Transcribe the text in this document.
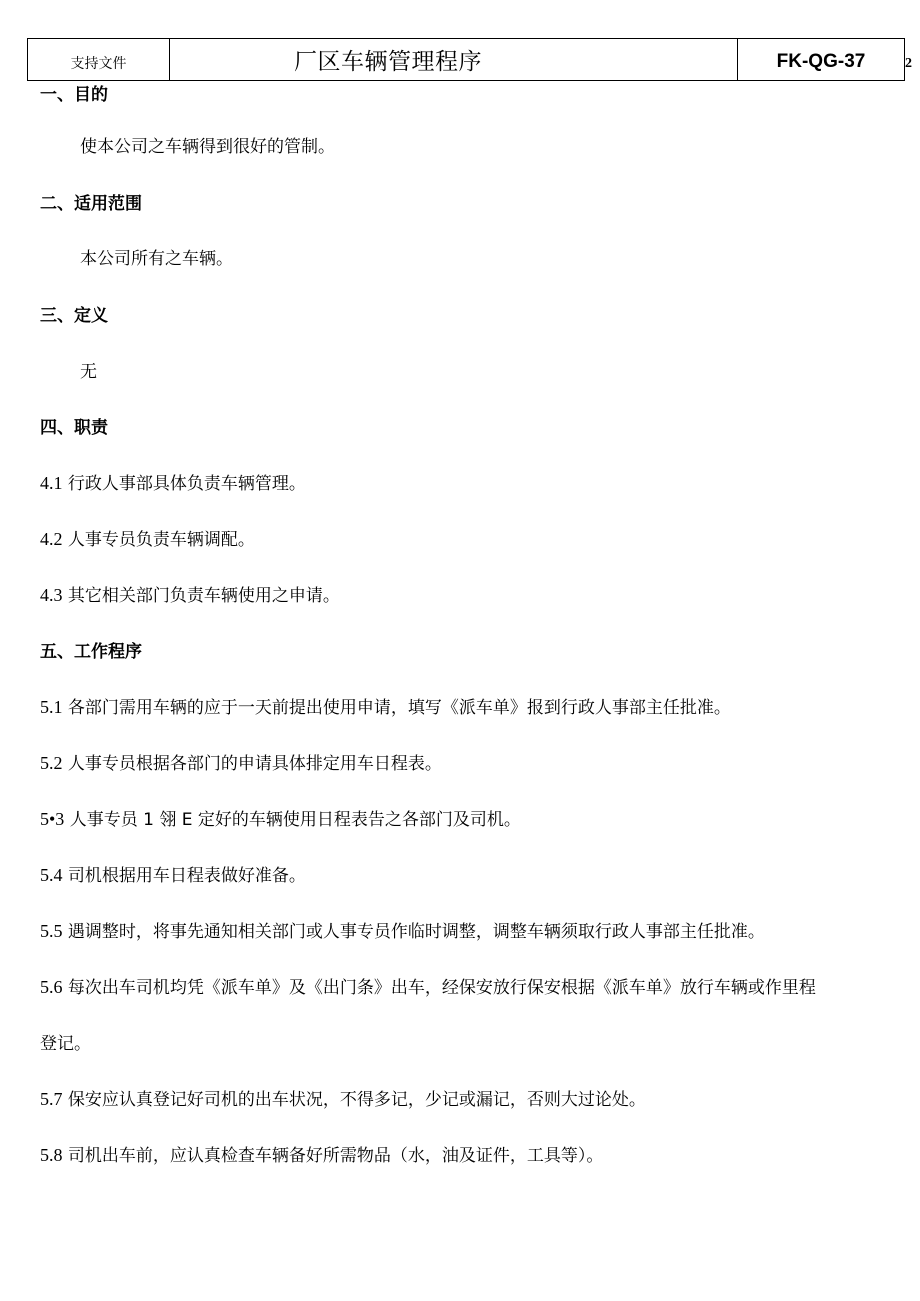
支持文件	厂区车辆管理程序	FK-QG-37	2
一、目的
使本公司之车辆得到很好的管制。
二、适用范围
本公司所有之车辆。
三、定义
无
四、职责
4.1 行政人事部具体负责车辆管理。
4.2 人事专员负责车辆调配。
4.3 其它相关部门负责车辆使用之申请。
五、工作程序
5.1 各部门需用车辆的应于一天前提出使用申请，填写《派车单》报到行政人事部主任批准。
5.2 人事专员根据各部门的申请具体排定用车日程表。
5•3 人事专员 1 翎 E 定好的车辆使用日程表告之各部门及司机。
5.4 司机根据用车日程表做好准备。
5.5 遇调整时，将事先通知相关部门或人事专员作临时调整，调整车辆须取行政人事部主任批准。
5.6 每次出车司机均凭《派车单》及《出门条》出车，经保安放行保安根据《派车单》放行车辆或作里程
登记。
5.7 保安应认真登记好司机的出车状况，不得多记，少记或漏记，否则大过论处。
5.8 司机出车前，应认真检查车辆备好所需物品（水，油及证件，工具等）。
